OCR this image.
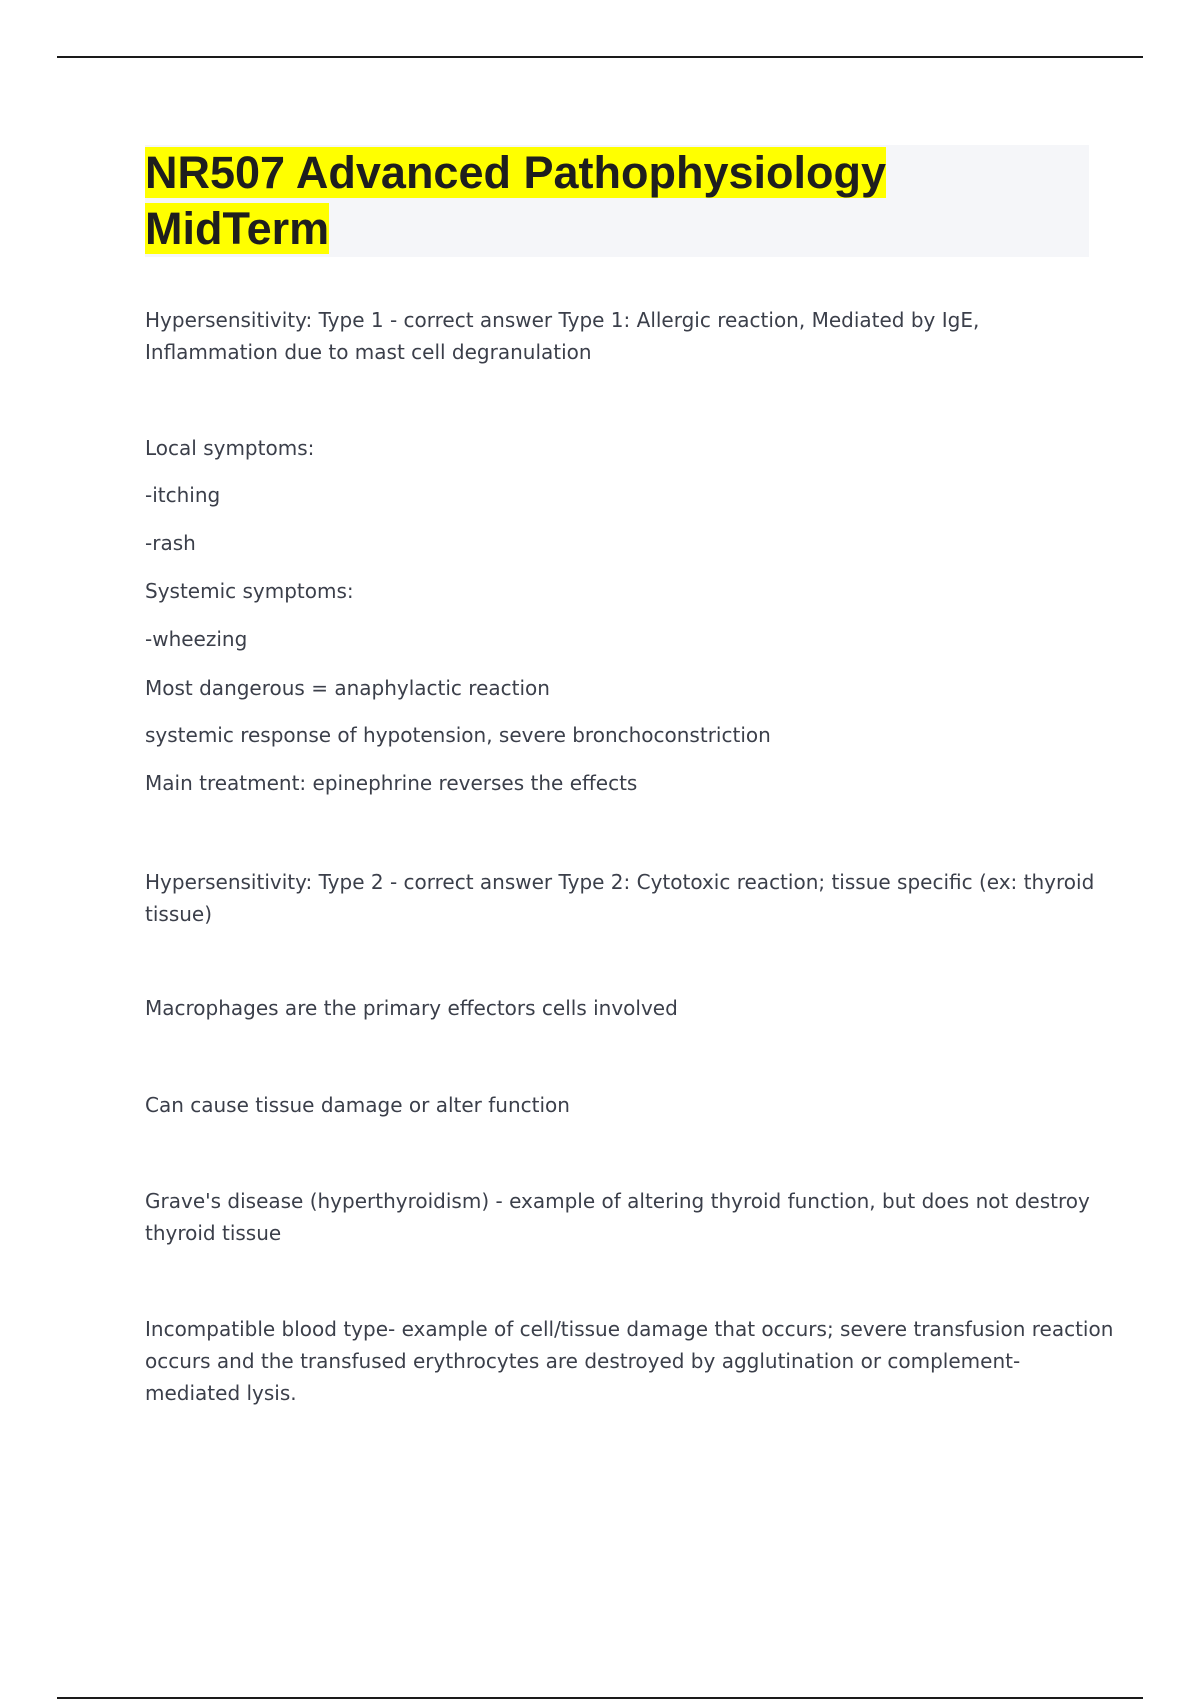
NR507 Advanced Pathophysiology
MidTerm

Hypersensitivity: Type 1 - correct answer Type 1: Allergic reaction, Mediated by IgE,

Inflammation due to mast cell degranulation

Local symptoms:

-itching

-rash

Systemic symptoms:

-wheezing

Most dangerous = anaphylactic reaction

systemic response of hypotension, severe bronchoconstriction

Main treatment: epinephrine reverses the effects

Hypersensitivity: Type 2 - correct answer Type 2: Cytotoxic reaction; tissue specific (ex: thyroid

tissue)

Macrophages are the primary effectors cells involved

Can cause tissue damage or alter function

Grave's disease (hyperthyroidism) - example of altering thyroid function, but does not destroy

thyroid tissue

Incompatible blood type- example of cell/tissue damage that occurs; severe transfusion reaction

occurs and the transfused erythrocytes are destroyed by agglutination or complement-

mediated lysis.
